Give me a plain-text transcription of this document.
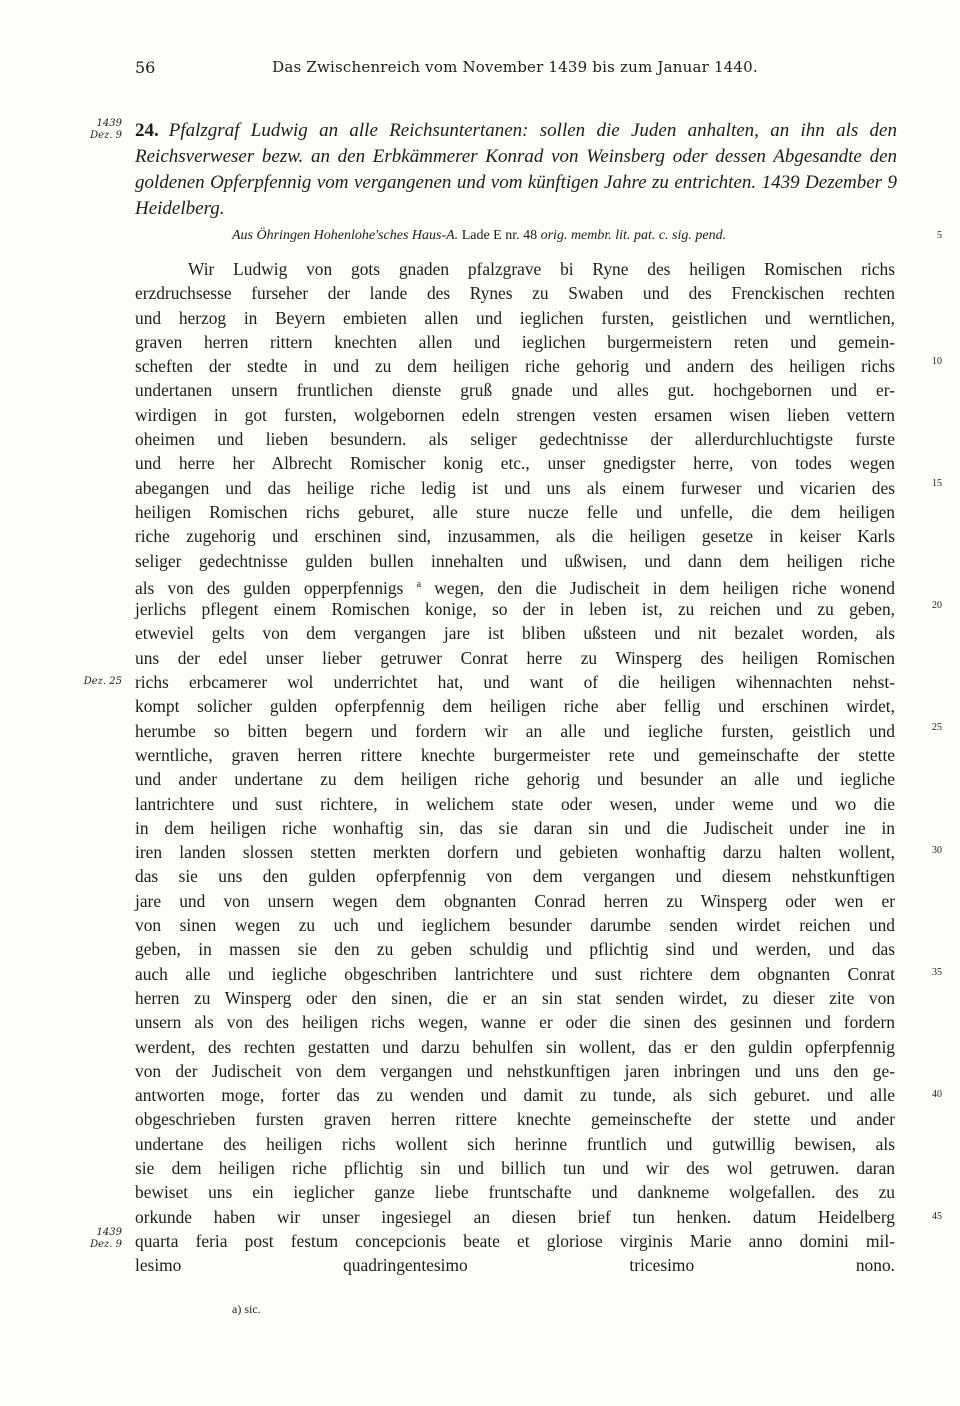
56	Das Zwischenreich vom November 1439 bis zum Januar 1440.
1439
Dez. 9 24. Pfalzgraf Ludwig an alle Reichsuntertanen: sollen die Juden anhalten, an ihn als den Reichsverweser bezw. an den Erbkämmerer Konrad von Weinsberg oder dessen Abgesandte den goldenen Opferpfennig vom vergangenen und vom künftigen Jahre zu entrichten. 1439 Dezember 9 Heidelberg.
Aus Öhringen Hohenlohe'sches Haus-A. Lade E nr. 48 orig. membr. lit. pat. c. sig. pend.	5
10
15
20
25
30
35
40
45
Dez. 25
1439
Dez. 9
Wir Ludwig von gots gnaden pfalzgrave bi Ryne des heiligen Romischen richs
erzdruchsesse furseher der lande des Rynes zu Swaben und des Frenckischen rechten
und herzog in Beyern embieten allen und ieglichen fursten, geistlichen und werntlichen,
graven herren rittern knechten allen und ieglichen burgermeistern reten und gemein-
scheften der stedte in und zu dem heiligen riche gehorig und andern des heiligen richs
undertanen unsern fruntlichen dienste gruß gnade und alles gut. hochgebornen und er-
wirdigen in got fursten, wolgebornen edeln strengen vesten ersamen wisen lieben vettern
oheimen und lieben besundern. als seliger gedechtnisse der allerdurchluchtigste furste
und herre her Albrecht Romischer konig etc., unser gnedigster herre, von todes wegen
abegangen und das heilige riche ledig ist und uns als einem furweser und vicarien des
heiligen Romischen richs geburet, alle sture nucze felle und unfelle, die dem heiligen
riche zugehorig und erschinen sind, inzusammen, als die heiligen gesetze in keiser Karls
seliger gedechtnisse gulden bullen innehalten und ußwisen, und dann dem heiligen riche
als von des gulden opperpfennigs $^a$ wegen, den die Judischeit in dem heiligen riche wonend
jerlichs pflegent einem Romischen konige, so der in leben ist, zu reichen und zu geben,
etweviel gelts von dem vergangen jare ist bliben ußsteen und nit bezalet worden, als
uns der edel unser lieber getruwer Conrat herre zu Winsperg des heiligen Romischen
richs erbcamerer wol underrichtet hat, und want of die heiligen wihennachten nehst-
kompt solicher gulden opferpfennig dem heiligen riche aber fellig und erschinen wirdet,
herumbe so bitten begern und fordern wir an alle und iegliche fursten, geistlich und
werntliche, graven herren rittere knechte burgermeister rete und gemeinschafte der stette
und ander undertane zu dem heiligen riche gehorig und besunder an alle und iegliche
lantrichtere und sust richtere, in welichem state oder wesen, under weme und wo die
in dem heiligen riche wonhaftig sin, das sie daran sin und die Judischeit under ine in
iren landen slossen stetten merkten dorfern und gebieten wonhaftig darzu halten wollent,
das sie uns den gulden opferpfennig von dem vergangen und diesem nehstkunftigen
jare und von unsern wegen dem obgnanten Conrad herren zu Winsperg oder wen er
von sinen wegen zu uch und ieglichem besunder darumbe senden wirdet reichen und
geben, in massen sie den zu geben schuldig und pflichtig sind und werden, und das
auch alle und iegliche obgeschriben lantrichtere und sust richtere dem obgnanten Conrat
herren zu Winsperg oder den sinen, die er an sin stat senden wirdet, zu dieser zite von
unsern als von des heiligen richs wegen, wanne er oder die sinen des gesinnen und fordern
werdent, des rechten gestatten und darzu behulfen sin wollent, das er den guldin opferpfennig
von der Judischeit von dem vergangen und nehstkunftigen jaren inbringen und uns den ge-
antworten moge, forter das zu wenden und damit zu tunde, als sich geburet. und alle
obgeschrieben fursten graven herren rittere knechte gemeinschefte der stette und ander
undertane des heiligen richs wollent sich herinne fruntlich und gutwillig bewisen, als
sie dem heiligen riche pflichtig sin und billich tun und wir des wol getruwen. daran
bewiset uns ein ieglicher ganze liebe fruntschafte und dankneme wolgefallen. des zu
orkunde haben wir unser ingesiegel an diesen brief tun henken. datum Heidelberg
quarta feria post festum concepcionis beate et gloriose virginis Marie anno domini mil-
lesimo quadringentesimo tricesimo nono.
a) sic.
